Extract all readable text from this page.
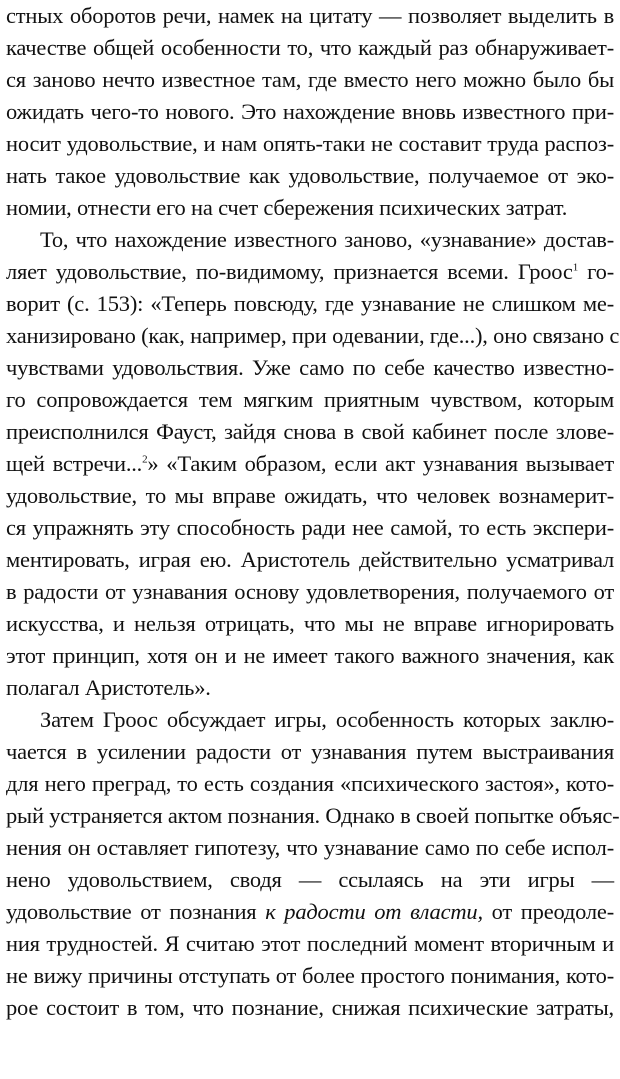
стных оборотов речи, намек на цитату — позволяет выделить в
качестве общей особенности то, что каждый раз обнаруживает-
ся заново нечто известное там, где вместо него можно было бы
ожидать чего-то нового. Это нахождение вновь известного при-
носит удовольствие, и нам опять-таки не составит труда распоз-
нать такое удовольствие как удовольствие, получаемое от эко-
номии, отнести его на счет сбережения психических затрат.
То, что нахождение известного заново, «узнавание» достав-
ляет удовольствие, по-видимому, признается всеми. Гроос$^1$ го-
ворит (с. 153): «Теперь повсюду, где узнавание не слишком ме-
ханизировано (как, например, при одевании, где...), оно связано с
чувствами удовольствия. Уже само по себе качество известно-
го сопровождается тем мягким приятным чувством, которым
преисполнился Фауст, зайдя снова в свой кабинет после зловe-
щей встречи...$^2$» «Таким образом, если акт узнавания вызывает
удовольствие, то мы вправе ожидать, что человек вознамерит-
ся упражнять эту способность ради нее самой, то есть экспери-
ментировать, играя ею. Аристотель действительно усматривал
в радости от узнавания основу удовлетворения, получаемого от
искусства, и нельзя отрицать, что мы не вправе игнорировать
этот принцип, хотя он и не имеет такого важного значения, как
полагал Аристотель».
Затем Гроос обсуждает игры, особенность которых заклю-
чается в усилении радости от узнавания путем выстраивания
для него преград, то есть создания «психического застоя», кото-
рый устраняется актом познания. Однако в своей попытке объяс-
нения он оставляет гипотезу, что узнавание само по себе испол-
нено удовольствием, сводя — ссылаясь на эти игры —
удовольствие от познания к радости от власти, от преодоле-
ния трудностей. Я считаю этот последний момент вторичным и
не вижу причины отступать от более простого понимания, кото-
рое состоит в том, что познание, снижая психические затраты,
